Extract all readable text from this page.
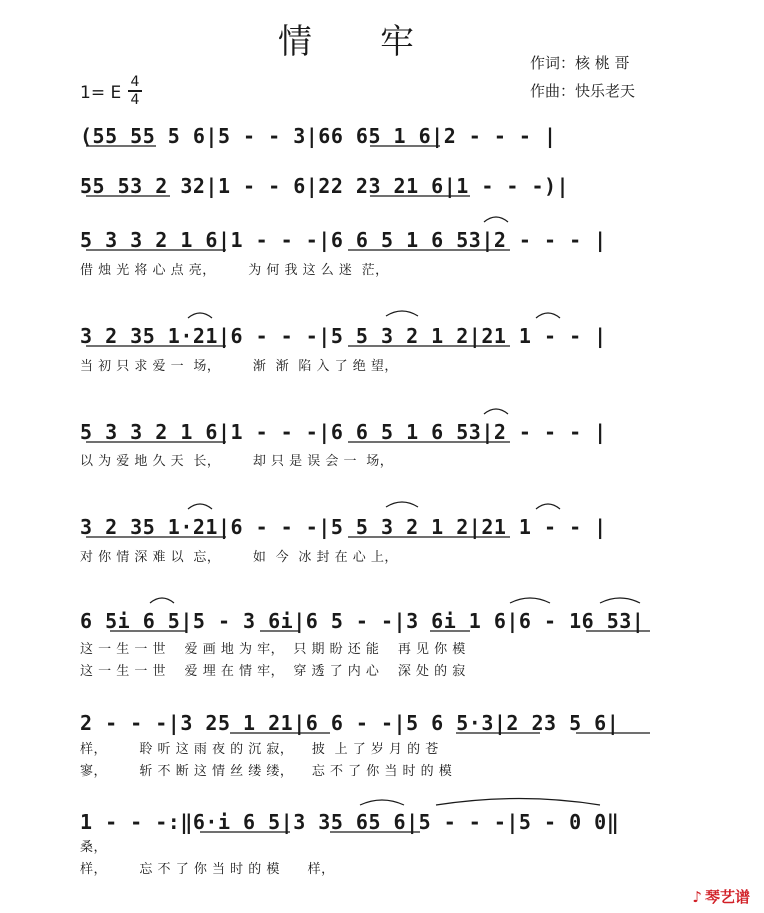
情　　牢
作词：核 桃 哥
作曲：快乐老天
1= E
4
4
(55 55 5 6|5 - - 3|66 65 1 6|2 - - - |
55 53 2 32|1 - - 6|22 23 21 6|1 - - -)|
5 3 3 2 1 6|1 - - -|6 6 5 1 6 53|2 - - - |
借 烛 光 将 心 点 亮，       为 何 我 这 么 迷  茫，
3 2 35 1·21|6 - - -|5 5 3 2 1 2|21 1 - - |
当 初 只 求 爱 一  场，       渐  渐  陷 入 了 绝 望，
5 3 3 2 1 6|1 - - -|6 6 5 1 6 53|2 - - - |
以 为 爱 地 久 天  长，       却 只 是 误 会 一  场，
3 2 35 1·21|6 - - -|5 5 3 2 1 2|21 1 - - |
对 你 情 深 难 以  忘，       如  今  冰 封 在 心 上，
6 5i 6 5|5 - 3 6i|6 5 - -|3 6i 1 6|6 - 16 53|
这 一 生 一 世    爱 画 地 为 牢，  只 期 盼 还 能    再 见 你 模
这 一 生 一 世    爱 埋 在 情 牢，  穿 透 了 内 心    深 处 的 寂
2 - - -|3 25 1 21|6 6 - -|5 6 5·3|2 23 5 6|
样，       聆 听 这 雨 夜 的 沉 寂，    披  上 了 岁 月 的 苍
寥，       斩 不 断 这 情 丝 缕 缕，    忘 不 了 你 当 时 的 模
1 - - -:‖6·i 6 5|3 35 65 6|5 - - -|5 - 0 0‖
桑，
样，       忘 不 了 你 当 时 的 模      样，
♪ 琴艺谱
